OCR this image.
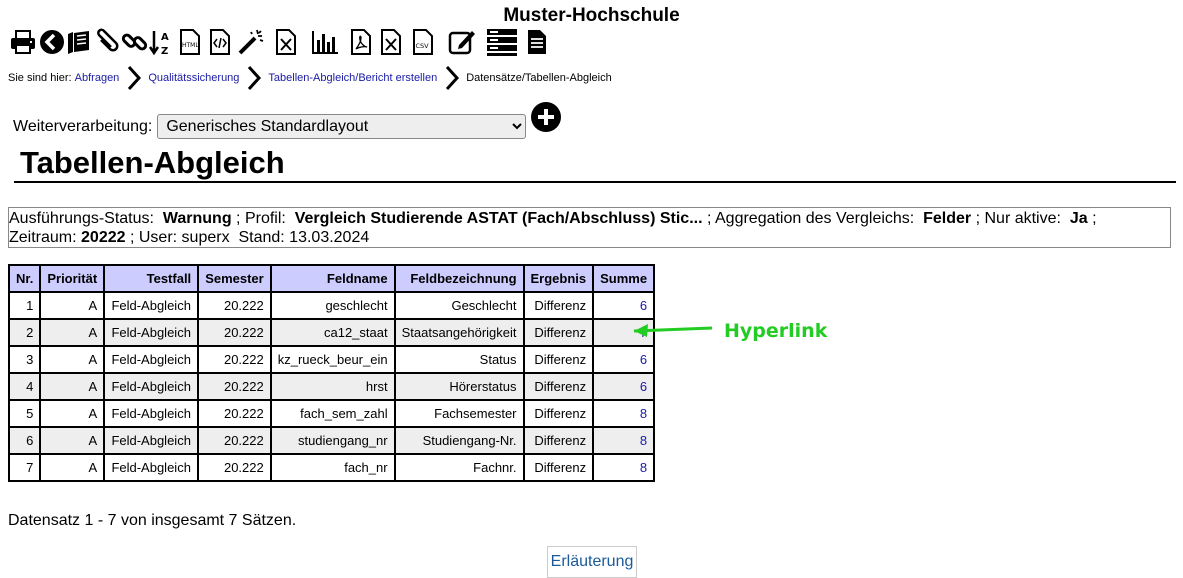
Muster-Hochschule
A
Z
HTML	CSV
Sie sind hier:
Abfragen	Qualitätssicherung	Tabellen-Abgleich/Bericht erstellen	Datensätze/Tabellen-Abgleich
Weiterverarbeitung:
Generisches Standardlayout
Tabellen-Abgleich
Ausführungs-Status: Warnung ; Profil: Vergleich Studierende ASTAT (Fach/Abschluss) Stic... ; Aggregation des Vergleichs: Felder ; Nur aktive: Ja ; Zeitraum: 20222 ; User: superx Stand: 13.03.2024
Nr.	Priorität	Testfall	Semester	Feldname	Feldbezeichnung	Ergebnis	Summe
1	A	Feld-Abgleich	20.222	geschlecht	Geschlecht	Differenz	6
2	A	Feld-Abgleich	20.222	ca12_staat	Staatsangehörigkeit	Differenz	
3	A	Feld-Abgleich	20.222	kz_rueck_beur_ein	Status	Differenz	6
4	A	Feld-Abgleich	20.222	hrst	Hörerstatus	Differenz	6
5	A	Feld-Abgleich	20.222	fach_sem_zahl	Fachsemester	Differenz	8
6	A	Feld-Abgleich	20.222	studiengang_nr	Studiengang-Nr.	Differenz	8
7	A	Feld-Abgleich	20.222	fach_nr	Fachnr.	Differenz	8
Hyperlink
Datensatz 1 - 7 von insgesamt 7 Sätzen.
Erläuterung
